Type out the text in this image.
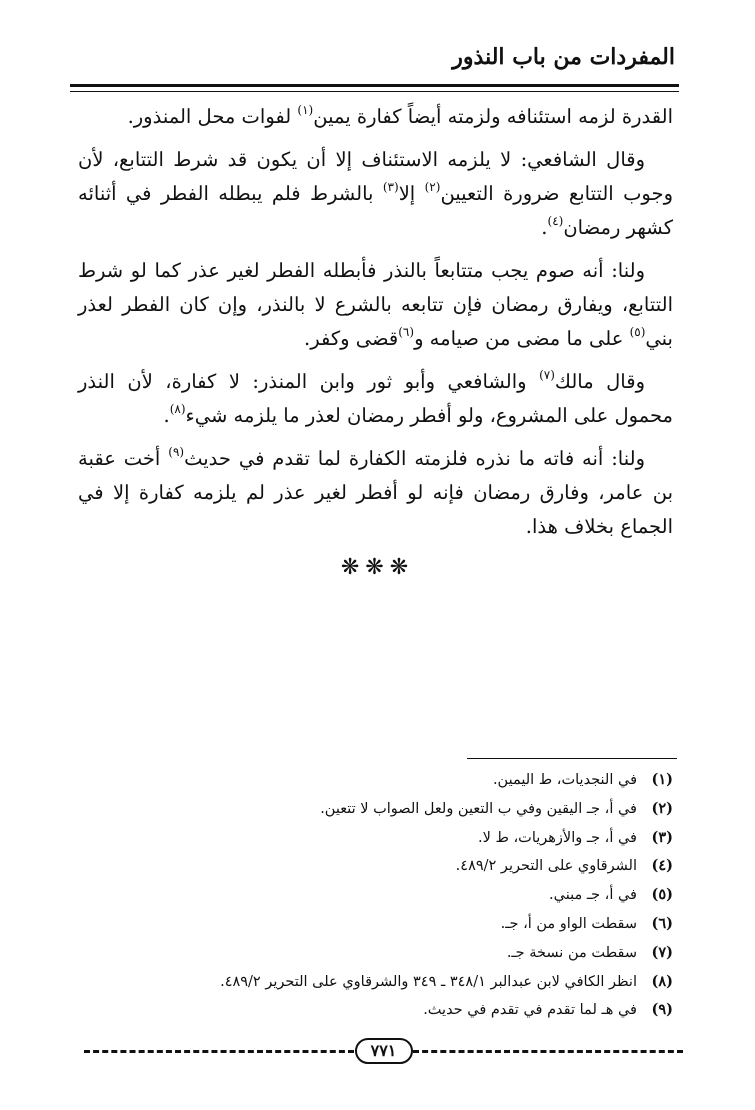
المفردات من باب النذور

القدرة لزمه استئنافه ولزمته أيضاً كفارة يمين$^{(١)}$ لفوات محل المنذور.

وقال الشافعي: لا يلزمه الاستئناف إلا أن يكون قد شرط التتابع، لأن وجوب التتابع ضرورة التعيين$^{(٢)}$ إلا$^{(٣)}$ بالشرط فلم يبطله الفطر في أثنائه كشهر رمضان$^{(٤)}$.

ولنا: أنه صوم يجب متتابعاً بالنذر فأبطله الفطر لغير عذر كما لو شرط التتابع، ويفارق رمضان فإن تتابعه بالشرع لا بالنذر، وإن كان الفطر لعذر بني$^{(٥)}$ على ما مضى من صيامه و$^{(٦)}$قضى وكفر.

وقال مالك$^{(٧)}$ والشافعي وأبو ثور وابن المنذر: لا كفارة، لأن النذر محمول على المشروع، ولو أفطر رمضان لعذر ما يلزمه شيء$^{(٨)}$.

ولنا: أنه فاته ما نذره فلزمته الكفارة لما تقدم في حديث$^{(٩)}$ أخت عقبة بن عامر، وفارق رمضان فإنه لو أفطر لغير عذر لم يلزمه كفارة إلا في الجماع بخلاف هذا.

❋❋❋
(١)
في النجديات، ط اليمين.
(٢)
في أ، جـ اليقين وفي ب التعين ولعل الصواب لا تتعين.
(٣)
في أ، جـ والأزهريات، ط لا.
(٤)
الشرقاوي على التحرير ٤٨٩/٢.
(٥)
في أ، جـ مبني.
(٦)
سقطت الواو من أ، جـ.
(٧)
سقطت من نسخة جـ.
(٨)
انظر الكافي لابن عبدالبر ٣٤٨/١ ـ ٣٤٩ والشرقاوي على التحرير ٤٨٩/٢.
(٩)
في هـ لما تقدم في تقدم في حديث.
٧٧١
